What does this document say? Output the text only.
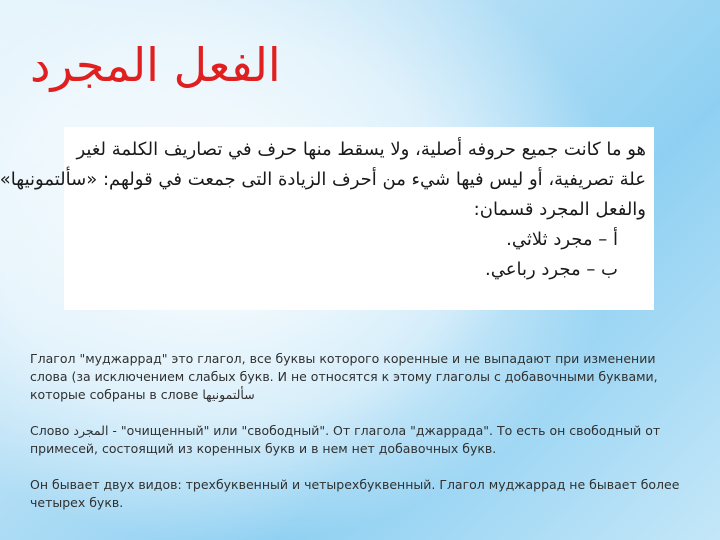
الفعل المجرد
هو ما كانت جميع حروفه أصلية، ولا يسقط منها حرف في تصاريف الكلمة لغير
علة تصريفية، أو ليس فيها شيء من أحرف الزيادة التى جمعت في قولهم: «سألتمونيها»
والفعل المجرد قسمان:
أ – مجرد ثلاثي.
ب – مجرد رباعي.

Глагол "муджаррад" это глагол, все буквы которого коренные и не выпадают при изменении слова (за исключением слабых букв. И не относятся к этому глаголы с добавочными буквами, которые собраны в слове سألتمونيها

Слово المجرد - "очищенный" или "свободный". От глагола "джаррада". То есть он свободный от примесей, состоящий из коренных букв и в нем нет добавочных букв.

Он бывает двух видов: трехбуквенный и четырехбуквенный. Глагол муджаррад не бывает более четырех букв.
